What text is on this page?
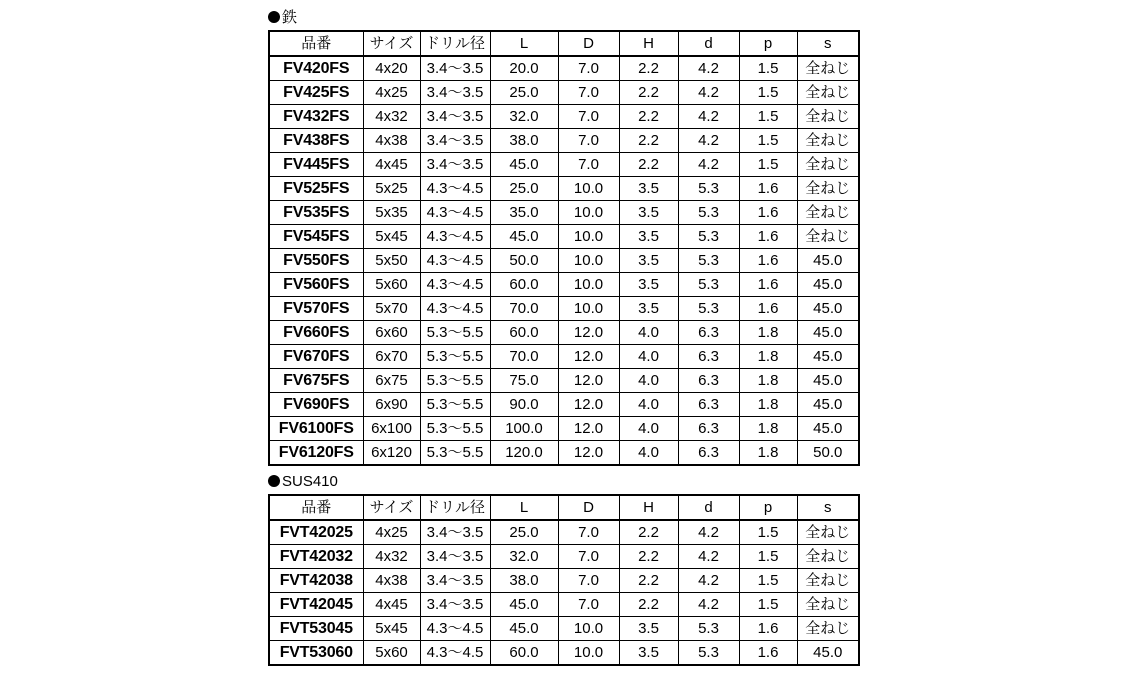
鉄
品番	サイズ	ドリル径	L	D	H	d	p	s
FV420FS	4x20	3.4～3.5	20.0	7.0	2.2	4.2	1.5	全ねじ
FV425FS	4x25	3.4～3.5	25.0	7.0	2.2	4.2	1.5	全ねじ
FV432FS	4x32	3.4～3.5	32.0	7.0	2.2	4.2	1.5	全ねじ
FV438FS	4x38	3.4～3.5	38.0	7.0	2.2	4.2	1.5	全ねじ
FV445FS	4x45	3.4～3.5	45.0	7.0	2.2	4.2	1.5	全ねじ
FV525FS	5x25	4.3～4.5	25.0	10.0	3.5	5.3	1.6	全ねじ
FV535FS	5x35	4.3～4.5	35.0	10.0	3.5	5.3	1.6	全ねじ
FV545FS	5x45	4.3～4.5	45.0	10.0	3.5	5.3	1.6	全ねじ
FV550FS	5x50	4.3～4.5	50.0	10.0	3.5	5.3	1.6	45.0
FV560FS	5x60	4.3～4.5	60.0	10.0	3.5	5.3	1.6	45.0
FV570FS	5x70	4.3～4.5	70.0	10.0	3.5	5.3	1.6	45.0
FV660FS	6x60	5.3～5.5	60.0	12.0	4.0	6.3	1.8	45.0
FV670FS	6x70	5.3～5.5	70.0	12.0	4.0	6.3	1.8	45.0
FV675FS	6x75	5.3～5.5	75.0	12.0	4.0	6.3	1.8	45.0
FV690FS	6x90	5.3～5.5	90.0	12.0	4.0	6.3	1.8	45.0
FV6100FS	6x100	5.3～5.5	100.0	12.0	4.0	6.3	1.8	45.0
FV6120FS	6x120	5.3～5.5	120.0	12.0	4.0	6.3	1.8	50.0
SUS410
品番	サイズ	ドリル径	L	D	H	d	p	s
FVT42025	4x25	3.4～3.5	25.0	7.0	2.2	4.2	1.5	全ねじ
FVT42032	4x32	3.4～3.5	32.0	7.0	2.2	4.2	1.5	全ねじ
FVT42038	4x38	3.4～3.5	38.0	7.0	2.2	4.2	1.5	全ねじ
FVT42045	4x45	3.4～3.5	45.0	7.0	2.2	4.2	1.5	全ねじ
FVT53045	5x45	4.3～4.5	45.0	10.0	3.5	5.3	1.6	全ねじ
FVT53060	5x60	4.3～4.5	60.0	10.0	3.5	5.3	1.6	45.0
